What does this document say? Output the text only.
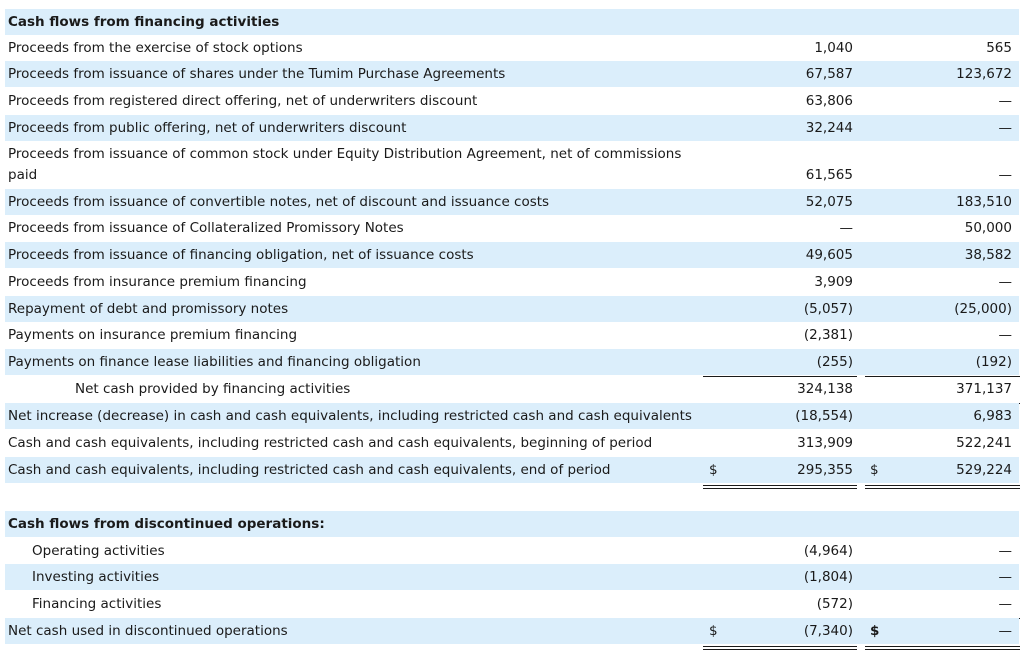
Cash flows from financing activities
Proceeds from the exercise of stock options	1,040	565
Proceeds from issuance of shares under the Tumim Purchase Agreements	67,587	123,672
Proceeds from registered direct offering, net of underwriters discount	63,806	—
Proceeds from public offering, net of underwriters discount	32,244	—
Proceeds from issuance of common stock under Equity Distribution Agreement, net of commissions paid	61,565	—
Proceeds from issuance of convertible notes, net of discount and issuance costs	52,075	183,510
Proceeds from issuance of Collateralized Promissory Notes	—	50,000
Proceeds from issuance of financing obligation, net of issuance costs	49,605	38,582
Proceeds from insurance premium financing	3,909	—
Repayment of debt and promissory notes	(5,057)	(25,000)
Payments on insurance premium financing	(2,381)	—
Payments on finance lease liabilities and financing obligation	(255)	(192)
Net cash provided by financing activities	324,138	371,137
Net increase (decrease) in cash and cash equivalents, including restricted cash and cash equivalents	(18,554)	6,983
Cash and cash equivalents, including restricted cash and cash equivalents, beginning of period	313,909	522,241
Cash and cash equivalents, including restricted cash and cash equivalents, end of period	$	295,355 $	529,224
Cash flows from discontinued operations:
Operating activities	(4,964)	—
Investing activities	(1,804)	—
Financing activities	(572)	—
Net cash used in discontinued operations	$	(7,340) $	—
